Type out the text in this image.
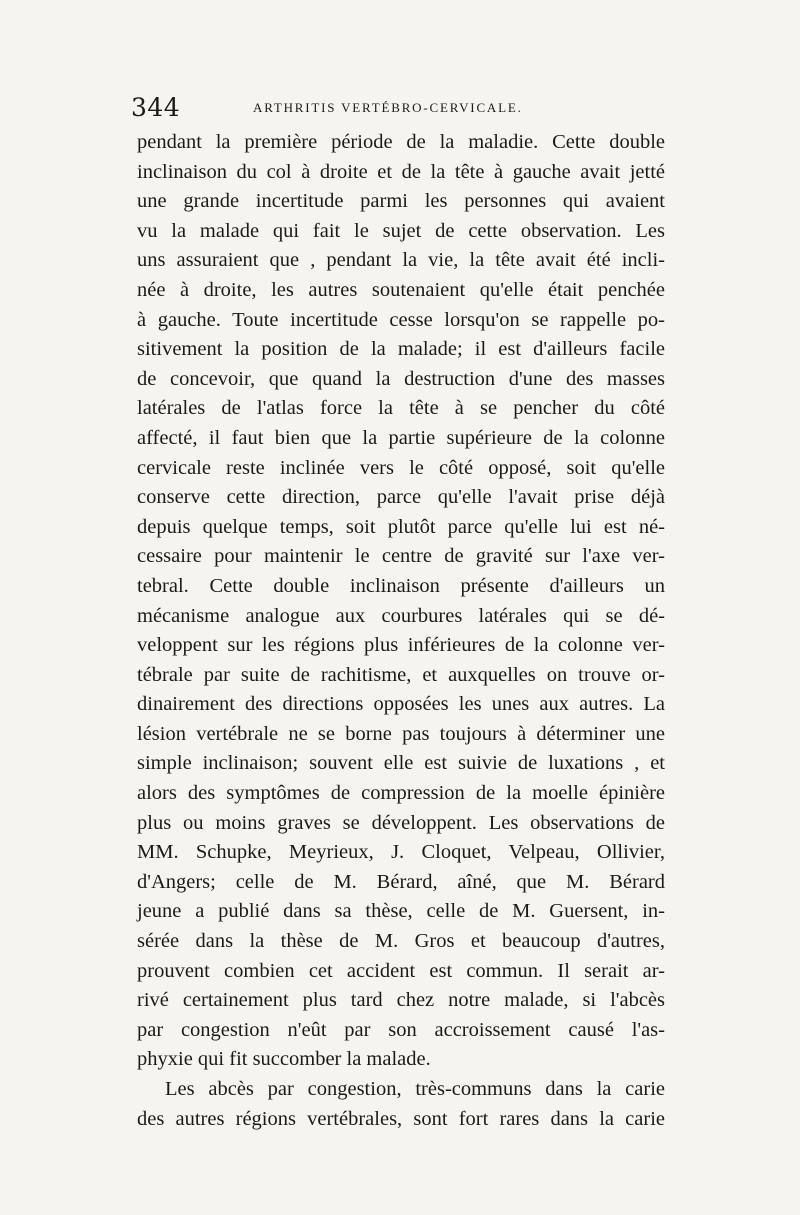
344	ARTHRITIS VERTÉBRO-CERVICALE.
pendant la première période de la maladie. Cette double
inclinaison du col à droite et de la tête à gauche avait jetté
une grande incertitude parmi les personnes qui avaient
vu la malade qui fait le sujet de cette observation. Les
uns assuraient que , pendant la vie, la tête avait été incli-
née à droite, les autres soutenaient qu'elle était penchée
à gauche. Toute incertitude cesse lorsqu'on se rappelle po-
sitivement la position de la malade; il est d'ailleurs facile
de concevoir, que quand la destruction d'une des masses
latérales de l'atlas force la tête à se pencher du côté
affecté, il faut bien que la partie supérieure de la colonne
cervicale reste inclinée vers le côté opposé, soit qu'elle
conserve cette direction, parce qu'elle l'avait prise déjà
depuis quelque temps, soit plutôt parce qu'elle lui est né-
cessaire pour maintenir le centre de gravité sur l'axe ver-
tebral. Cette double inclinaison présente d'ailleurs un
mécanisme analogue aux courbures latérales qui se dé-
veloppent sur les régions plus inférieures de la colonne ver-
tébrale par suite de rachitisme, et auxquelles on trouve or-
dinairement des directions opposées les unes aux autres. La
lésion vertébrale ne se borne pas toujours à déterminer une
simple inclinaison; souvent elle est suivie de luxations , et
alors des symptômes de compression de la moelle épinière
plus ou moins graves se développent. Les observations de
MM. Schupke, Meyrieux, J. Cloquet, Velpeau, Ollivier,
d'Angers; celle de M. Bérard, aîné, que M. Bérard
jeune a publié dans sa thèse, celle de M. Guersent, in-
sérée dans la thèse de M. Gros et beaucoup d'autres,
prouvent combien cet accident est commun. Il serait ar-
rivé certainement plus tard chez notre malade, si l'abcès
par congestion n'eût par son accroissement causé l'as-
phyxie qui fit succomber la malade.
Les abcès par congestion, très-communs dans la carie
des autres régions vertébrales, sont fort rares dans la carie
